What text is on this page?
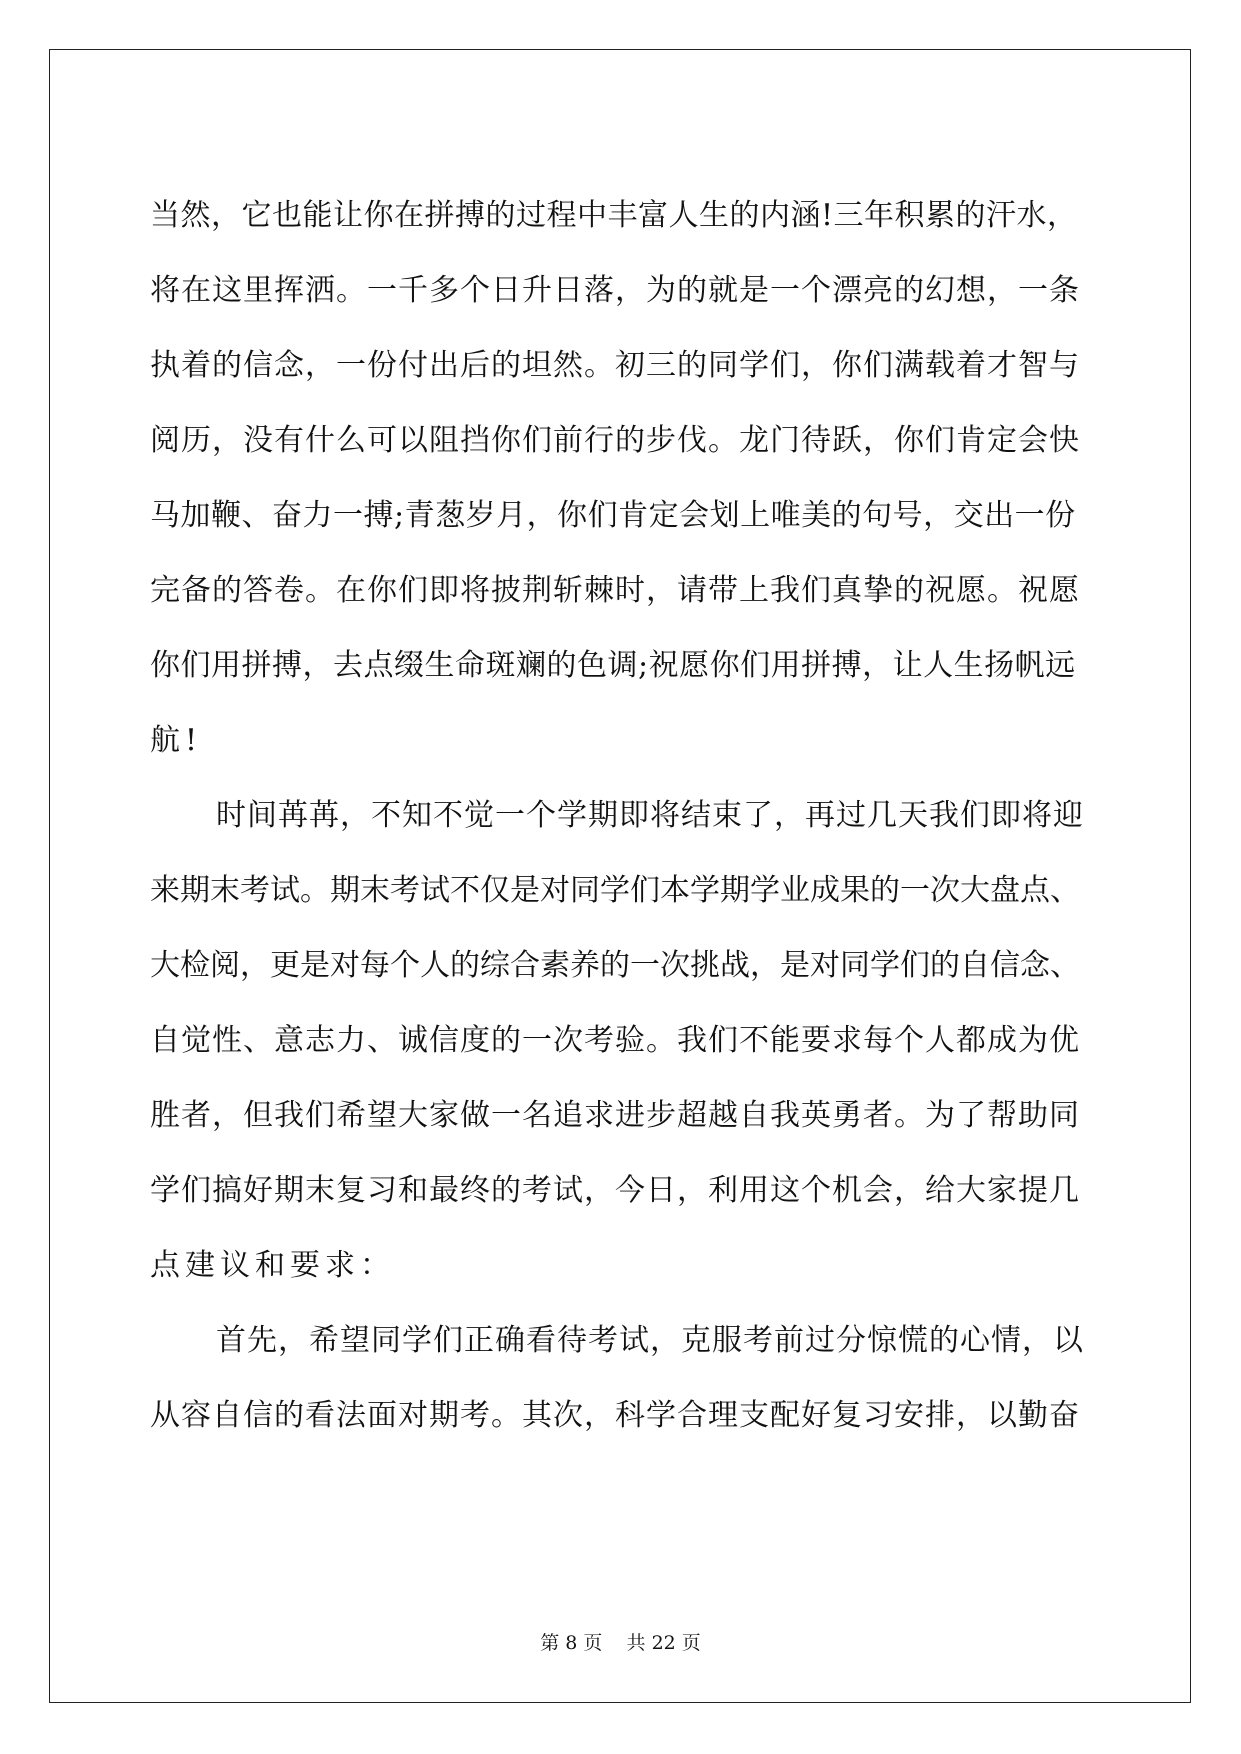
当然，它也能让你在拼搏的过程中丰富人生的内涵!三年积累的汗水，
将在这里挥洒。一千多个日升日落，为的就是一个漂亮的幻想，一条
执着的信念，一份付出后的坦然。初三的同学们，你们满载着才智与
阅历，没有什么可以阻挡你们前行的步伐。龙门待跃，你们肯定会快
马加鞭、奋力一搏;青葱岁月，你们肯定会划上唯美的句号，交出一份
完备的答卷。在你们即将披荆斩棘时，请带上我们真挚的祝愿。祝愿
你们用拼搏，去点缀生命斑斓的色调;祝愿你们用拼搏，让人生扬帆远
航!
时间苒苒，不知不觉一个学期即将结束了，再过几天我们即将迎
来期末考试。期末考试不仅是对同学们本学期学业成果的一次大盘点、
大检阅，更是对每个人的综合素养的一次挑战，是对同学们的自信念、
自觉性、意志力、诚信度的一次考验。我们不能要求每个人都成为优
胜者，但我们希望大家做一名追求进步超越自我英勇者。为了帮助同
学们搞好期末复习和最终的考试，今日，利用这个机会，给大家提几
点建议和要求：
首先，希望同学们正确看待考试，克服考前过分惊慌的心情，以
从容自信的看法面对期考。其次，科学合理支配好复习安排，以勤奋
第 8 页    共 22 页
